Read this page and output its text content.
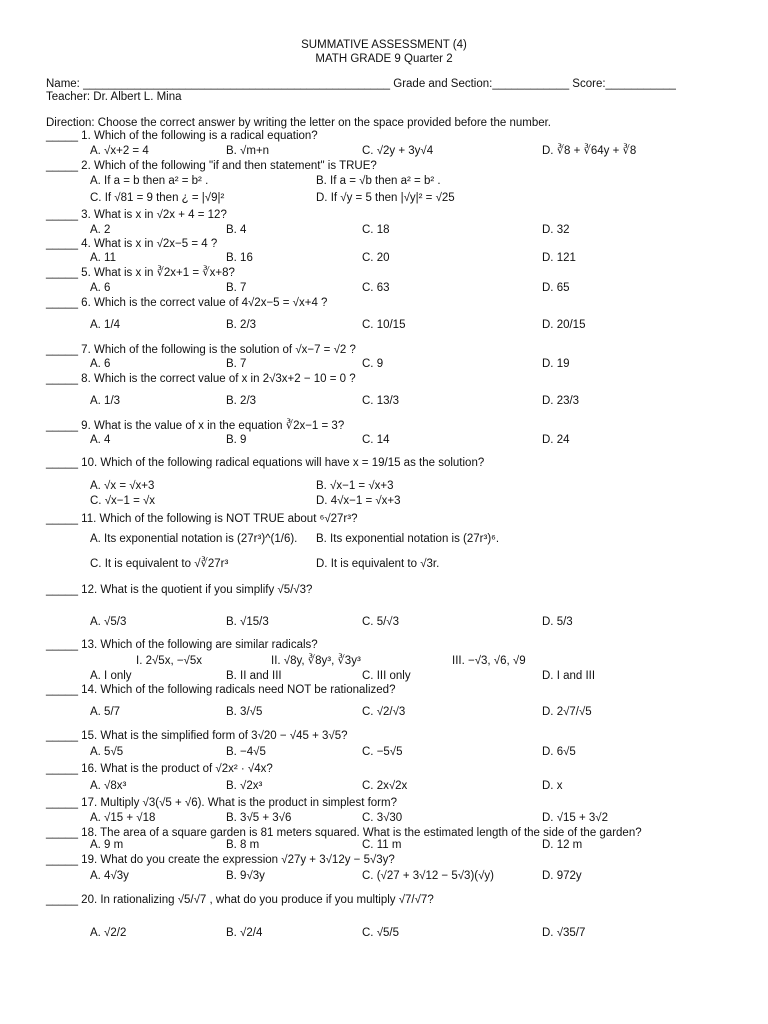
SUMMATIVE ASSESSMENT (4)
MATH GRADE 9 Quarter 2
Name: ________________________________________________ Grade and Section:____________ Score:___________
Teacher: Dr. Albert L. Mina
Direction: Choose the correct answer by writing the letter on the space provided before the number.
_____ 1. Which of the following is a radical equation?
A. √x+2 = 4	B. √m+n	C. √2y + 3y√4	D. ∛8 + ∛64y + ∛8
_____ 2. Which of the following "if and then statement" is TRUE?
A. If a = b then a² = b² .	B. If a = √b then a² = b² .
C. If √81 = 9 then ¿ = |√9|²	D. If √y = 5 then |√y|² = √25
_____ 3. What is x in √2x + 4 = 12?
A. 2	B. 4	C. 18	D. 32
_____ 4. What is x in √2x−5 = 4 ?
A. 11	B. 16	C. 20	D. 121
_____ 5. What is x in ∛2x+1 = ∛x+8?
A. 6	B. 7	C. 63	D. 65
_____ 6. Which is the correct value of 4√2x−5 = √x+4 ?
A. 1/4	B. 2/3	C. 10/15	D. 20/15
_____ 7. Which of the following is the solution of √x−7 = √2 ?
A. 6	B. 7	C. 9	D. 19
_____ 8. Which is the correct value of x in 2√3x+2 − 10 = 0 ?
A. 1/3	B. 2/3	C. 13/3	D. 23/3
_____ 9. What is the value of x in the equation ∛2x−1 = 3?
A. 4	B. 9	C. 14	D. 24
_____ 10. Which of the following radical equations will have x = 19/15 as the solution?
A. √x = √x+3	B. √x−1 = √x+3
C. √x−1 = √x	D. 4√x−1 = √x+3
_____ 11. Which of the following is NOT TRUE about ⁶√27r³?
A. Its exponential notation is (27r³)^(1/6). B. Its exponential notation is (27r³)⁶.
C. It is equivalent to √∛27r³	D. It is equivalent to √3r.
_____ 12. What is the quotient if you simplify √5/√3?
A. √5/3	B. √15/3	C. 5/√3	D. 5/3
_____ 13. Which of the following are similar radicals?
I. 2√5x, −√5x	II. √8y, ∛8y³, ∛3y³	III. −√3, √6, √9
A. I only	B. II and III	C. III only	D. I and III
_____ 14. Which of the following radicals need NOT be rationalized?
A. 5/7	B. 3/√5	C. √2/√3	D. 2√7/√5
_____ 15. What is the simplified form of 3√20 − √45 + 3√5?
A. 5√5	B. −4√5	C. −5√5	D. 6√5
_____ 16. What is the product of √2x² · √4x?
A. √8x³	B. √2x³	C. 2x√2x	D. x
_____ 17. Multiply √3(√5 + √6). What is the product in simplest form?
A. √15 + √18	B. 3√5 + 3√6	C. 3√30	D. √15 + 3√2
_____ 18. The area of a square garden is 81 meters squared. What is the estimated length of the side of the garden?
A. 9 m	B. 8 m	C. 11 m	D. 12 m
_____ 19. What do you create the expression √27y + 3√12y − 5√3y?
A. 4√3y	B. 9√3y	C. (√27 + 3√12 − 5√3)(√y)	D. 972y
_____ 20. In rationalizing √5/√7 , what do you produce if you multiply √7/√7?
A. √2/2	B. √2/4	C. √5/5	D. √35/7
